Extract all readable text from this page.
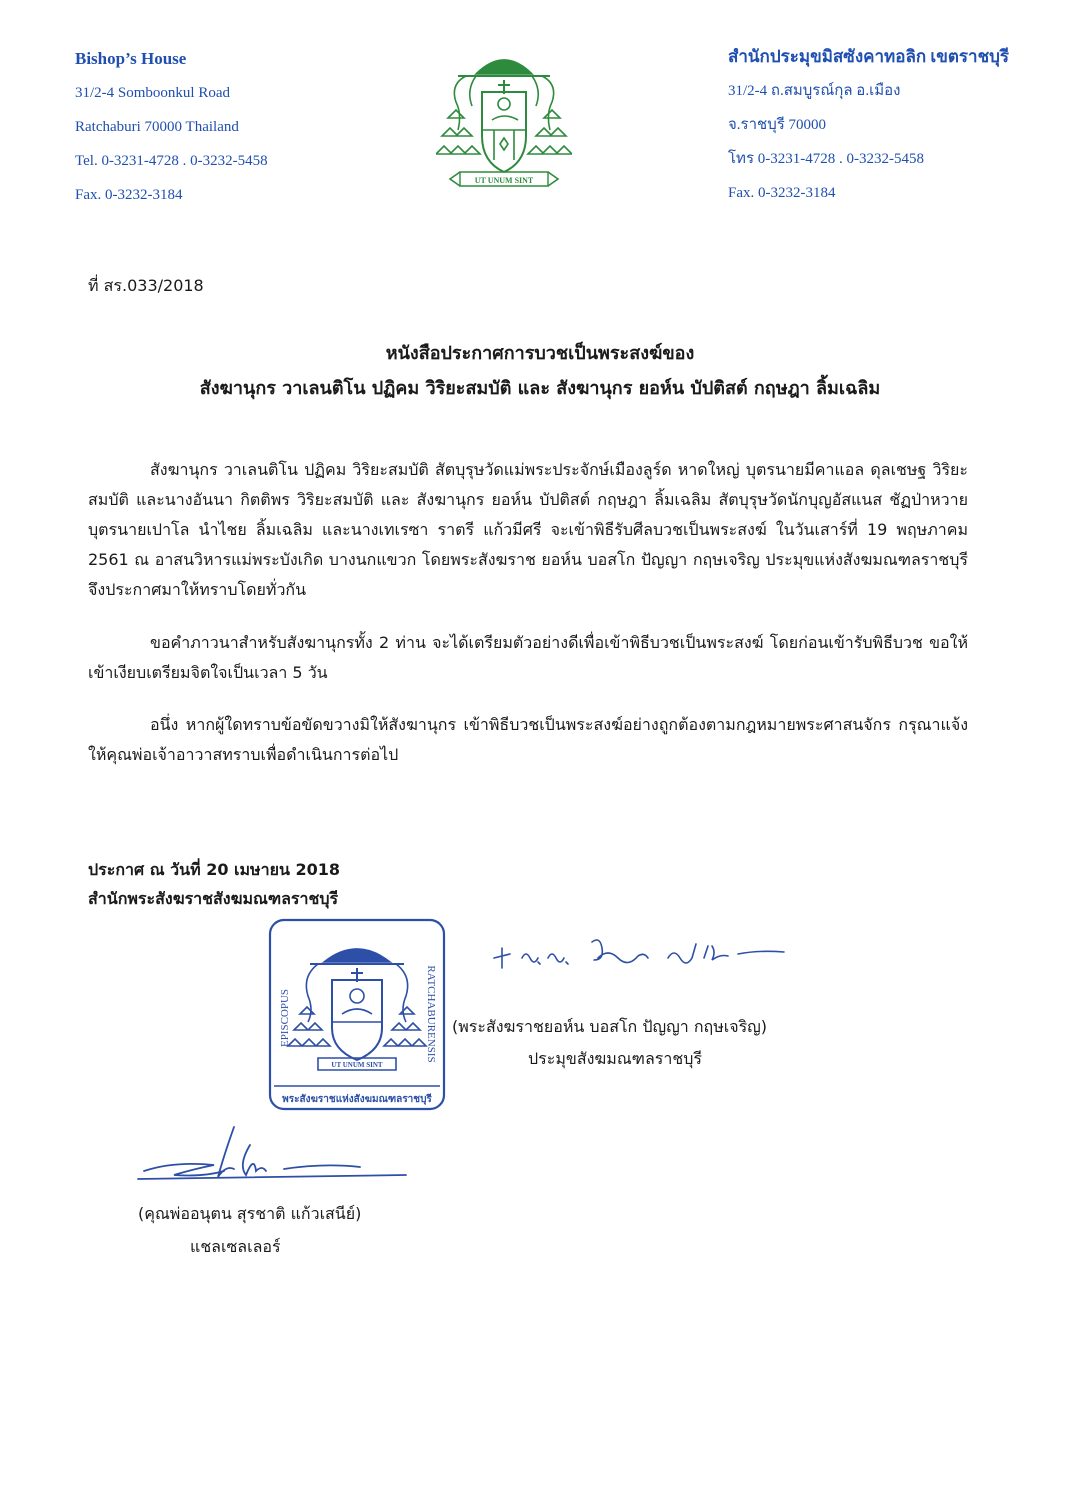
Bishop’s House
31/2-4 Somboonkul Road
Ratchaburi 70000 Thailand
Tel. 0-3231-4728 . 0-3232-5458
Fax. 0-3232-3184
UT UNUM SINT
สำนักประมุขมิสซังคาทอลิก เขตราชบุรี
31/2-4 ถ.สมบูรณ์กุล อ.เมือง
จ.ราชบุรี 70000
โทร 0-3231-4728 . 0-3232-5458
Fax. 0-3232-3184
ที่ สร.033/2018
หนังสือประกาศการบวชเป็นพระสงฆ์ของ
สังฆานุกร วาเลนติโน ปฏิคม วิริยะสมบัติ และ สังฆานุกร ยอห์น บัปติสต์ กฤษฎา ลิ้มเฉลิม

สังฆานุกร วาเลนติโน ปฏิคม วิริยะสมบัติ สัตบุรุษวัดแม่พระประจักษ์เมืองลูร์ด หาดใหญ่ บุตรนายมีคาแอล ดุลเชษฐ วิริยะสมบัติ และนางอันนา กิตติพร วิริยะสมบัติ และ สังฆานุกร ยอห์น บัปติสต์ กฤษฎา ลิ้มเฉลิม สัตบุรุษวัดนักบุญอัสแนส ชัฏป่าหวาย บุตรนายเปาโล นำไชย ลิ้มเฉลิม และนางเทเรซา ราตรี แก้วมีศรี จะเข้าพิธีรับศีลบวชเป็นพระสงฆ์ ในวันเสาร์ที่ 19 พฤษภาคม 2561 ณ อาสนวิหารแม่พระบังเกิด บางนกแขวก โดยพระสังฆราช ยอห์น บอสโก ปัญญา กฤษเจริญ ประมุขแห่งสังฆมณฑลราชบุรี จึงประกาศมาให้ทราบโดยทั่วกัน

ขอคำภาวนาสำหรับสังฆานุกรทั้ง 2 ท่าน จะได้เตรียมตัวอย่างดีเพื่อเข้าพิธีบวชเป็นพระสงฆ์ โดยก่อนเข้ารับพิธีบวช ขอให้เข้าเงียบเตรียมจิตใจเป็นเวลา 5 วัน

อนึ่ง หากผู้ใดทราบข้อขัดขวางมิให้สังฆานุกร เข้าพิธีบวชเป็นพระสงฆ์อย่างถูกต้องตามกฎหมายพระศาสนจักร กรุณาแจ้งให้คุณพ่อเจ้าอาวาสทราบเพื่อดำเนินการต่อไป

ประกาศ ณ วันที่ 20 เมษายน 2018
สำนักพระสังฆราชสังฆมณฑลราชบุรี
UT UNUM SINT
EPISCOPUS	RATCHABURENSIS
พระสังฆราชแห่งสังฆมณฑลราชบุรี
(พระสังฆราชยอห์น บอสโก ปัญญา กฤษเจริญ)
ประมุขสังฆมณฑลราชบุรี
(คุณพ่ออนุตน สุรชาติ แก้วเสนีย์)
แชลเซลเลอร์
